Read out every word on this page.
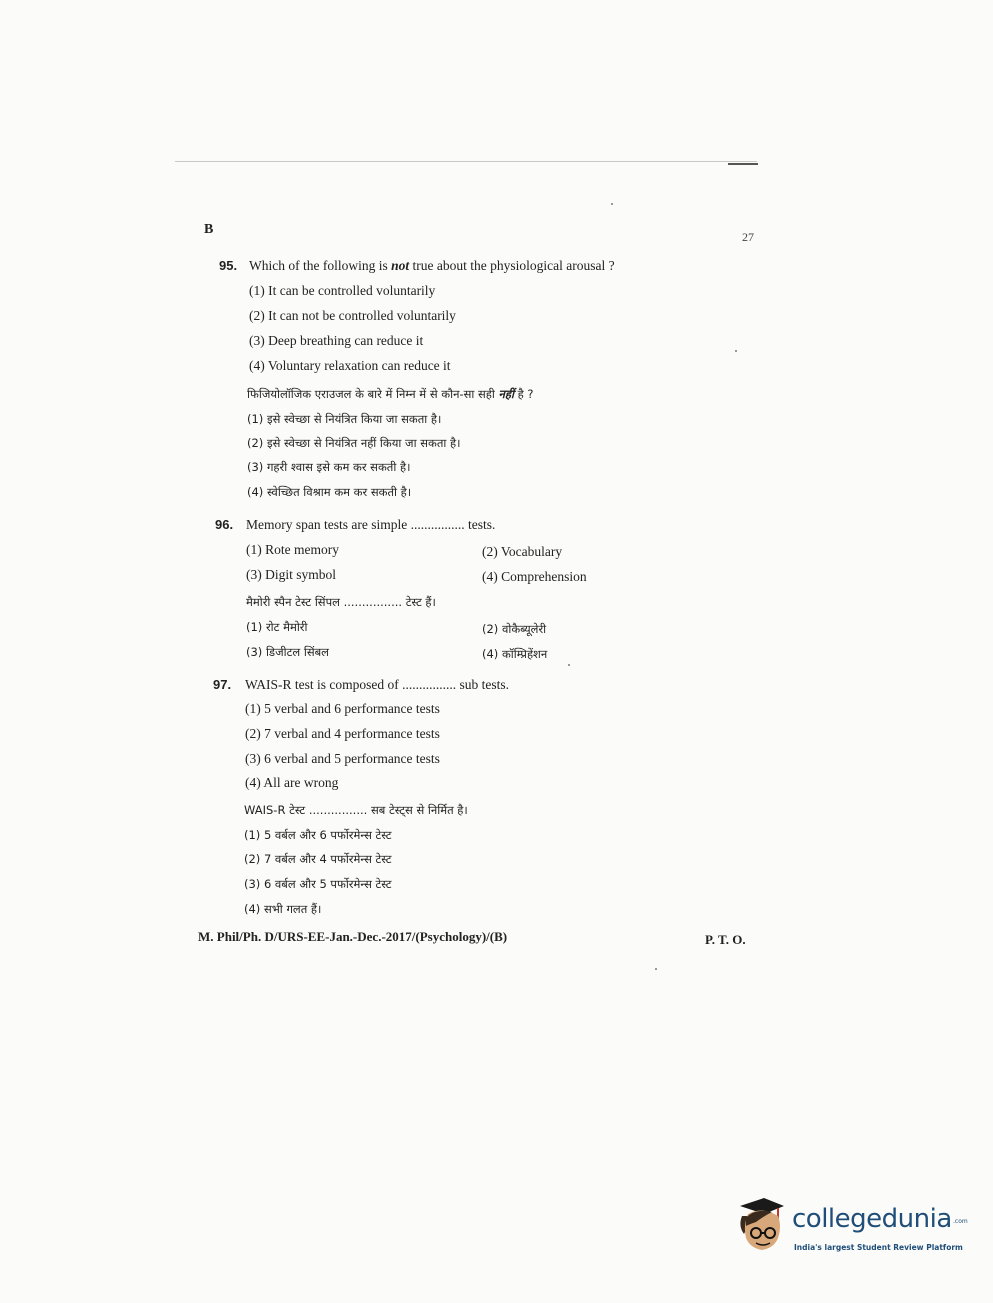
B	27
95. Which of the following is not true about the physiological arousal ?
(1) It can be controlled voluntarily
(2) It can not be controlled voluntarily
(3) Deep breathing can reduce it
(4) Voluntary relaxation can reduce it
फिजियोलॉजिक एराउजल के बारे में निम्न में से कौन-सा सही नहीं है ?
(1) इसे स्वेच्छा से नियंत्रित किया जा सकता है।
(2) इसे स्वेच्छा से नियंत्रित नहीं किया जा सकता है।
(3) गहरी श्वास इसे कम कर सकती है।
(4) स्वेच्छित विश्राम कम कर सकती है।
96. Memory span tests are simple ................ tests.
(1) Rote memory	(2) Vocabulary
(3) Digit symbol	(4) Comprehension
मैमोरी स्पैन टेस्ट सिंपल ................ टेस्ट हैं।
(1) रोट मैमोरी	(2) वोकैब्यूलेरी
(3) डिजीटल सिंबल	(4) कॉम्प्रिहेंशन
97. WAIS-R test is composed of ................ sub tests.
(1) 5 verbal and 6 performance tests
(2) 7 verbal and 4 performance tests
(3) 6 verbal and 5 performance tests
(4) All are wrong
WAIS-R टेस्ट ................ सब टेस्ट्स से निर्मित है।
(1) 5 वर्बल और 6 पर्फोरमेन्स टेस्ट
(2) 7 वर्बल और 4 पर्फोरमेन्स टेस्ट
(3) 6 वर्बल और 5 पर्फोरमेन्स टेस्ट
(4) सभी गलत हैं।
M. Phil/Ph. D/URS-EE-Jan.-Dec.-2017/(Psychology)/(B)	P. T. O.
collegedunia .com
India's largest Student Review Platform
